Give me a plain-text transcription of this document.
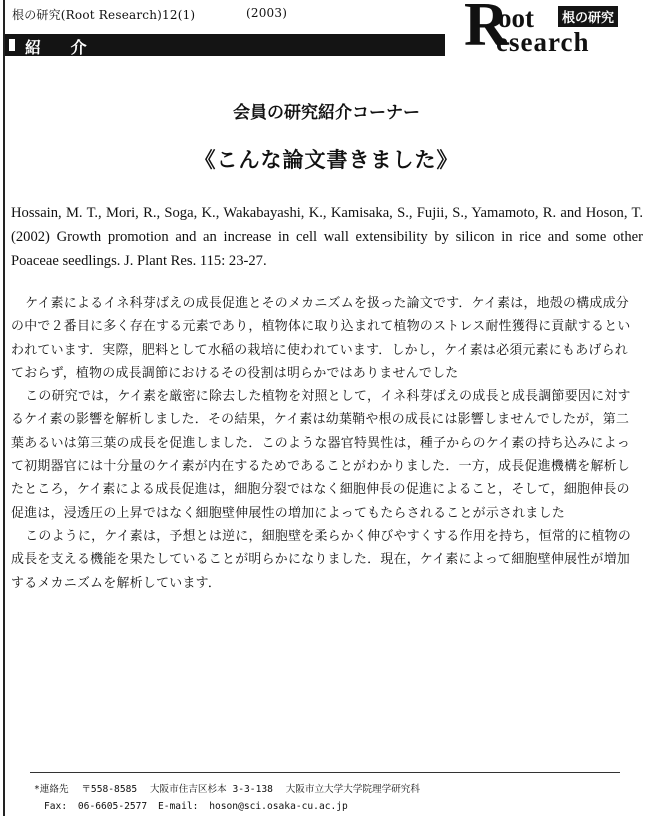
根の研究(Root Research)12(1)	(2003)
紹 介	R
oot
esearch
根の研究
会員の研究紹介コーナー
《こんな論文書きました》
Hossain, M. T., Mori, R., Soga, K., Wakabayashi, K., Kamisaka, S., Fujii, S., Yamamoto, R. and Hoson, T. (2002) Growth promotion and an increase in cell wall extensibility by silicon in rice and some other Poaceae seedlings. J. Plant Res. 115: 23-27.

ケイ素によるイネ科芽ばえの成長促進とそのメカニズムを扱った論文です．ケイ素は，地殻の構成成分の中で２番目に多く存在する元素であり，植物体に取り込まれて植物のストレス耐性獲得に貢献するといわれています．実際，肥料として水稲の栽培に使われています．しかし，ケイ素は必須元素にもあげられておらず，植物の成長調節におけるその役割は明らかではありませんでした

この研究では，ケイ素を厳密に除去した植物を対照として，イネ科芽ばえの成長と成長調節要因に対するケイ素の影響を解析しました．その結果，ケイ素は幼葉鞘や根の成長には影響しませんでしたが，第二葉あるいは第三葉の成長を促進しました．このような器官特異性は，種子からのケイ素の持ち込みによって初期器官には十分量のケイ素が内在するためであることがわかりました．一方，成長促進機構を解析したところ，ケイ素による成長促進は，細胞分裂ではなく細胞伸長の促進によること，そして，細胞伸長の促進は，浸透圧の上昇ではなく細胞壁伸展性の増加によってもたらされることが示されました

このように，ケイ素は，予想とは逆に，細胞壁を柔らかく伸びやすくする作用を持ち，恒常的に植物の成長を支える機能を果たしていることが明らかになりました．現在，ケイ素によって細胞壁伸展性が増加するメカニズムを解析しています．

*連絡先 〒558-8585 大阪市住吉区杉本 3-3-138 大阪市立大学大学院理学研究科
Fax: 06-6605-2577 E-mail: hoson@sci.osaka-cu.ac.jp
